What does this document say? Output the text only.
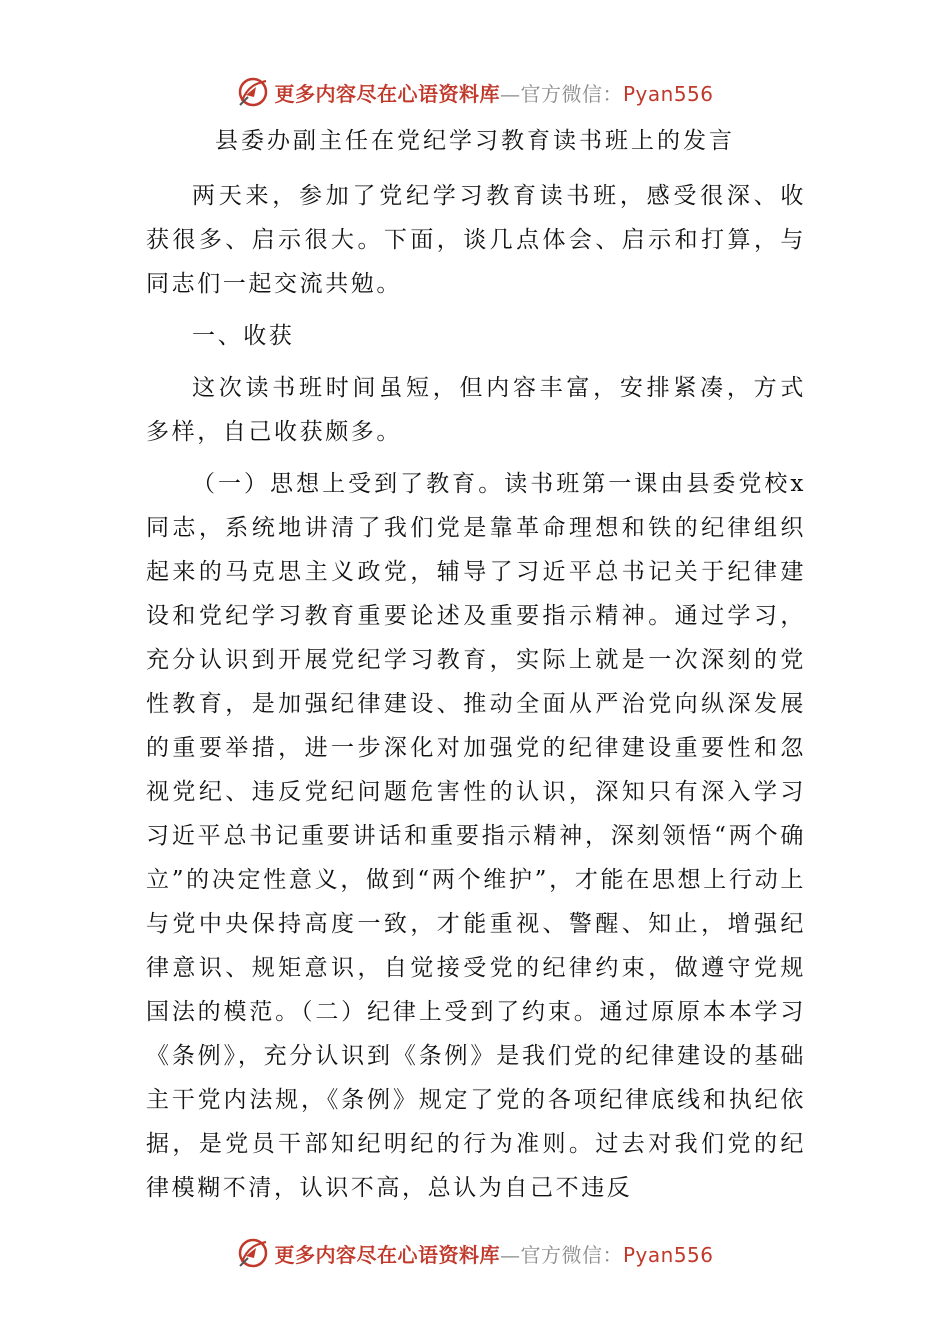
更多内容尽在心语资料库—官方微信：Pyan556
县委办副主任在党纪学习教育读书班上的发言

两天来，参加了党纪学习教育读书班，感受很深、收获很多、启示很大。下面，谈几点体会、启示和打算，与同志们一起交流共勉。

一、收获

这次读书班时间虽短，但内容丰富，安排紧凑，方式多样，自己收获颇多。

（一）思想上受到了教育。读书班第一课由县委党校x同志，系统地讲清了我们党是靠革命理想和铁的纪律组织起来的马克思主义政党，辅导了习近平总书记关于纪律建设和党纪学习教育重要论述及重要指示精神。通过学习，充分认识到开展党纪学习教育，实际上就是一次深刻的党性教育，是加强纪律建设、推动全面从严治党向纵深发展的重要举措，进一步深化对加强党的纪律建设重要性和忽视党纪、违反党纪问题危害性的认识，深知只有深入学习习近平总书记重要讲话和重要指示精神，深刻领悟“两个确立”的决定性意义，做到“两个维护”，才能在思想上行动上与党中央保持高度一致，才能重视、警醒、知止，增强纪律意识、规矩意识，自觉接受党的纪律约束，做遵守党规国法的模范。（二）纪律上受到了约束。通过原原本本学习《条例》，充分认识到《条例》是我们党的纪律建设的基础主干党内法规，《条例》规定了党的各项纪律底线和执纪依据，是党员干部知纪明纪的行为准则。过去对我们党的纪律模糊不清，认识不高，总认为自己不违反

更多内容尽在心语资料库—官方微信：Pyan556
